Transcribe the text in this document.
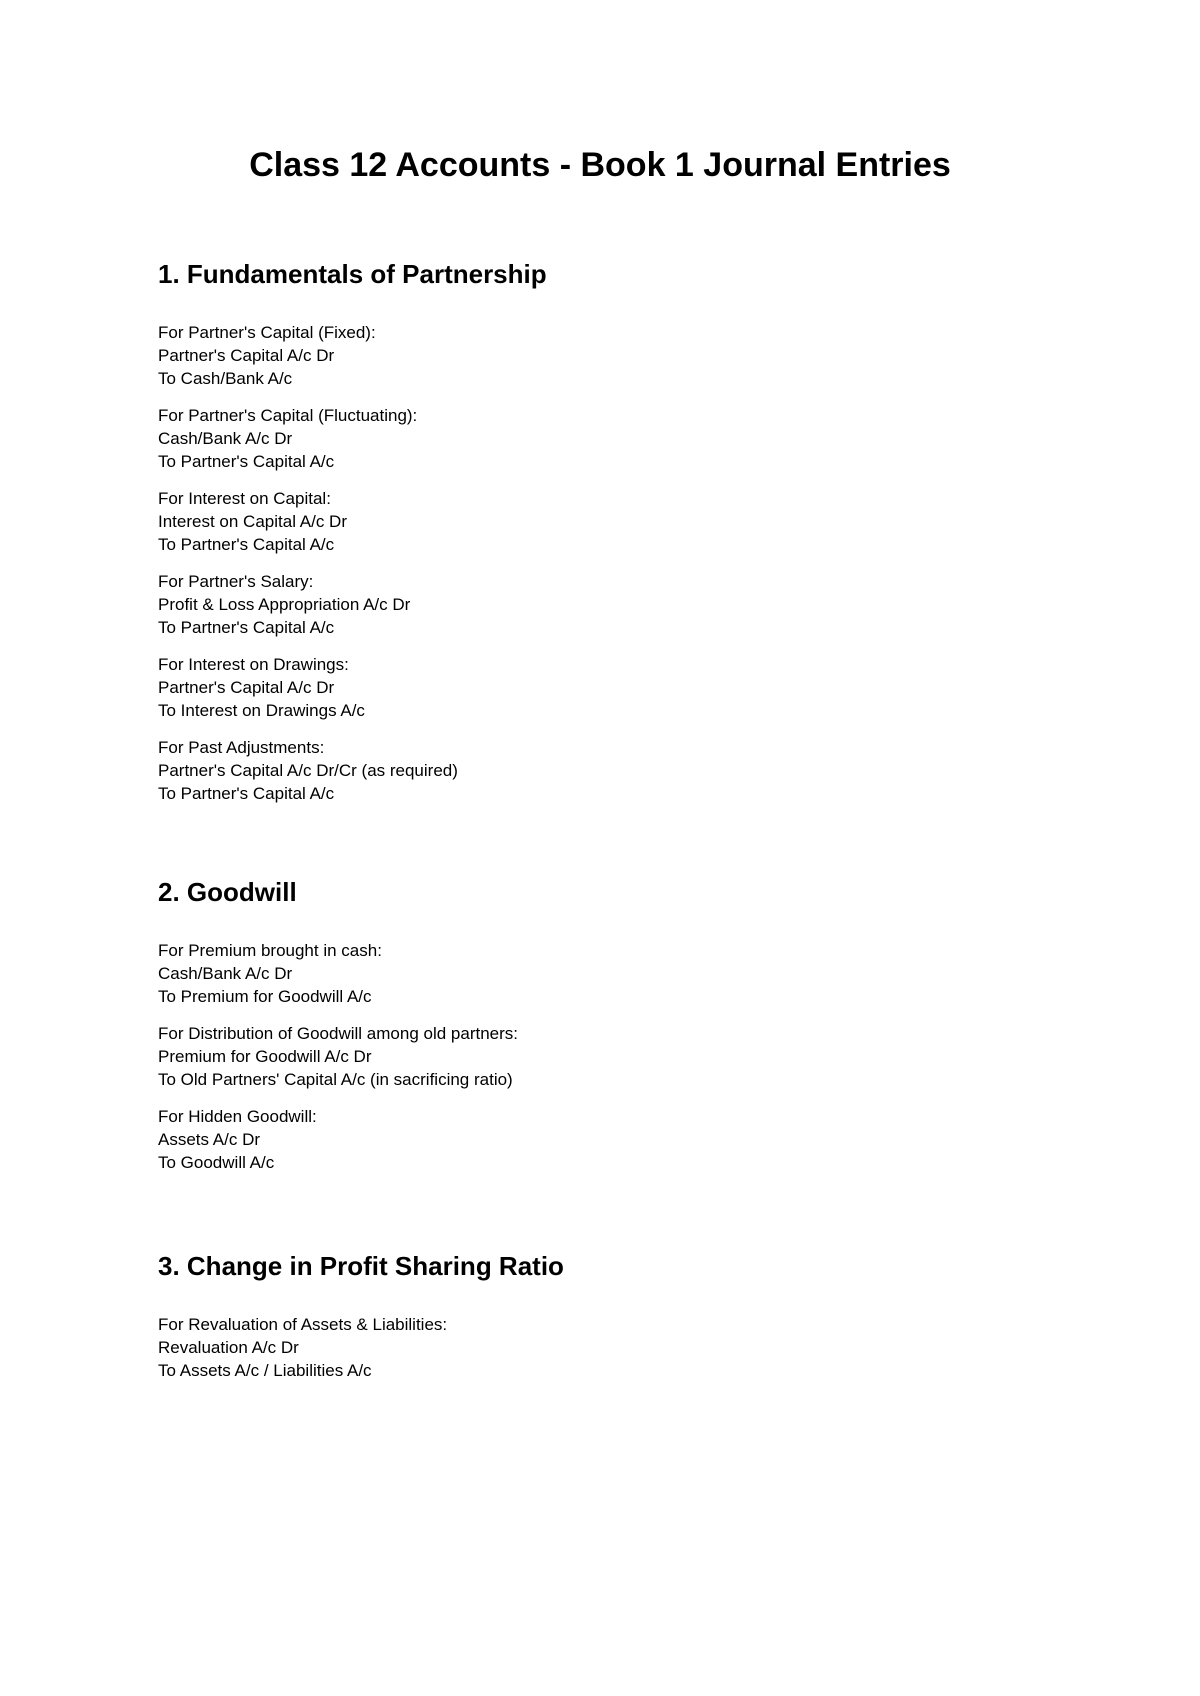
Class 12 Accounts - Book 1 Journal Entries
1. Fundamentals of Partnership
For Partner's Capital (Fixed):
Partner's Capital A/c Dr
To Cash/Bank A/c
For Partner's Capital (Fluctuating):
Cash/Bank A/c Dr
To Partner's Capital A/c
For Interest on Capital:
Interest on Capital A/c Dr
To Partner's Capital A/c
For Partner's Salary:
Profit & Loss Appropriation A/c Dr
To Partner's Capital A/c
For Interest on Drawings:
Partner's Capital A/c Dr
To Interest on Drawings A/c
For Past Adjustments:
Partner's Capital A/c Dr/Cr (as required)
To Partner's Capital A/c
2. Goodwill
For Premium brought in cash:
Cash/Bank A/c Dr
To Premium for Goodwill A/c
For Distribution of Goodwill among old partners:
Premium for Goodwill A/c Dr
To Old Partners' Capital A/c (in sacrificing ratio)
For Hidden Goodwill:
Assets A/c Dr
To Goodwill A/c
3. Change in Profit Sharing Ratio
For Revaluation of Assets & Liabilities:
Revaluation A/c Dr
To Assets A/c / Liabilities A/c
